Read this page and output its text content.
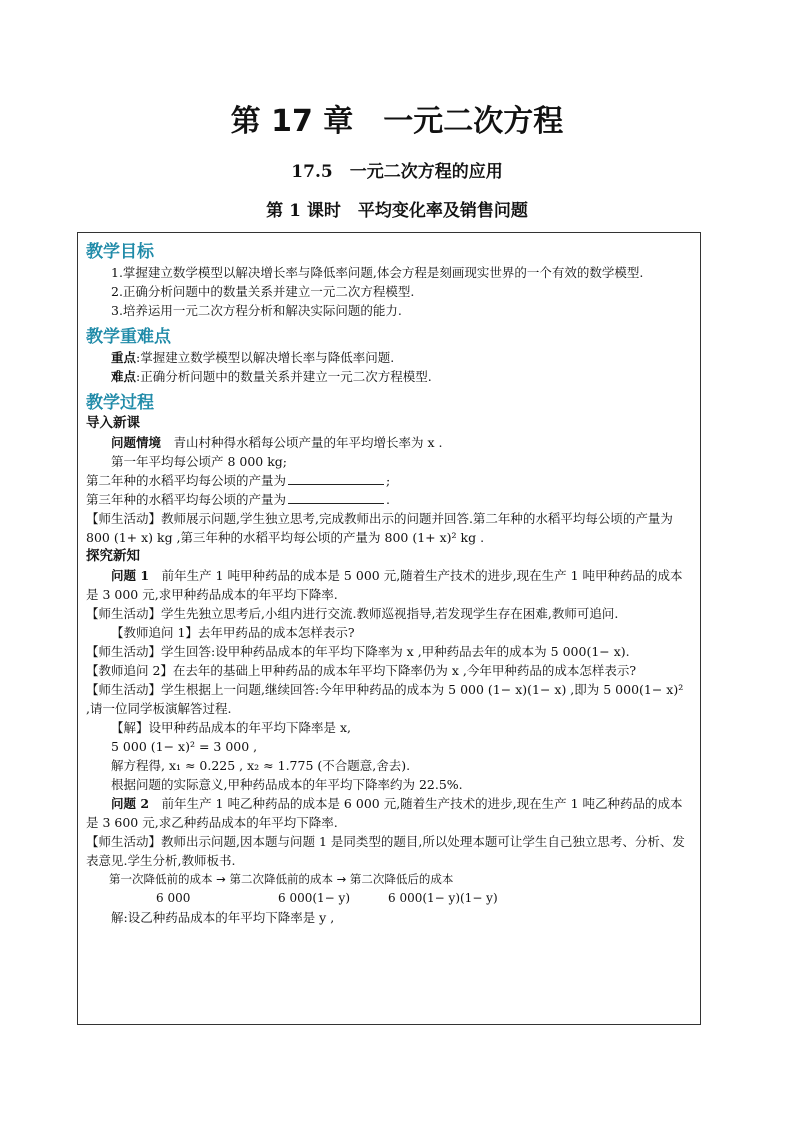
第 17 章　一元二次方程
17.5　一元二次方程的应用
第 1 课时　平均变化率及销售问题
教学目标

1.掌握建立数学模型以解决增长率与降低率问题,体会方程是刻画现实世界的一个有效的数学模型.

2.正确分析问题中的数量关系并建立一元二次方程模型.

3.培养运用一元二次方程分析和解决实际问题的能力.

教学重难点

重点:掌握建立数学模型以解决增长率与降低率问题.

难点:正确分析问题中的数量关系并建立一元二次方程模型.

教学过程
导入新课

问题情境　青山村种得水稻每公顷产量的年平均增长率为 x .

第一年平均每公顷产 8 000 kg;

第二年种的水稻平均每公顷的产量为	;

第三年种的水稻平均每公顷的产量为	.

【师生活动】教师展示问题,学生独立思考,完成教师出示的问题并回答.第二年种的水稻平均每公顷的产量为 800 (1+ x) kg ,第三年种的水稻平均每公顷的产量为 800 (1+ x)² kg .

探究新知

问题 1　前年生产 1 吨甲种药品的成本是 5 000 元,随着生产技术的进步,现在生产 1 吨甲种药品的成本是 3 000 元,求甲种药品成本的年平均下降率.

【师生活动】学生先独立思考后,小组内进行交流.教师巡视指导,若发现学生存在困难,教师可追问.

【教师追问 1】去年甲药品的成本怎样表示?

【师生活动】学生回答:设甲种药品成本的年平均下降率为 x ,甲种药品去年的成本为 5 000(1− x).

【教师追问 2】在去年的基础上甲种药品的成本年平均下降率仍为 x ,今年甲种药品的成本怎样表示?

【师生活动】学生根据上一问题,继续回答:今年甲种药品的成本为 5 000 (1− x)(1− x) ,即为 5 000(1− x)² ,请一位同学板演解答过程.

【解】设甲种药品成本的年平均下降率是 x,

5 000 (1− x)² = 3 000 ,

解方程得, x₁ ≈ 0.225 , x₂ ≈ 1.775 (不合题意,舍去).

根据问题的实际意义,甲种药品成本的年平均下降率约为 22.5%.

问题 2　前年生产 1 吨乙种药品的成本是 6 000 元,随着生产技术的进步,现在生产 1 吨乙种药品的成本是 3 600 元,求乙种药品成本的年平均下降率.

【师生活动】教师出示问题,因本题与问题 1 是同类型的题目,所以处理本题可让学生自己独立思考、分析、发表意见.学生分析,教师板书.

第一次降低前的成本 → 第二次降低前的成本 → 第二次降低后的成本
6 000	6 000(1− y)	6 000(1− y)(1− y)

解:设乙种药品成本的年平均下降率是 y ,
